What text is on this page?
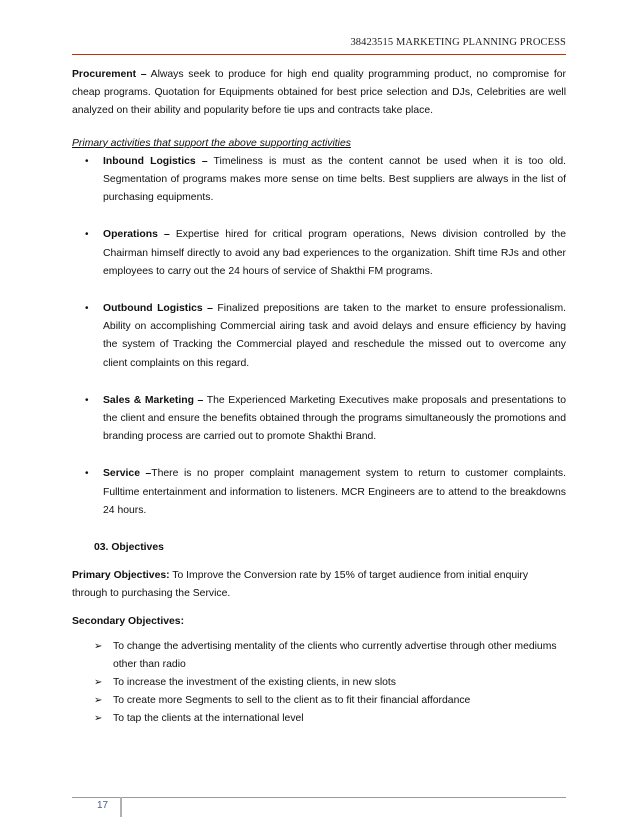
38423515 MARKETING PLANNING PROCESS

Procurement – Always seek to produce for high end quality programming product, no compromise for cheap programs. Quotation for Equipments obtained for best price selection and DJs, Celebrities are well analyzed on their ability and popularity before tie ups and contracts take place.

Primary activities that support the above supporting activities

• Inbound Logistics – Timeliness is must as the content cannot be used when it is too old. Segmentation of programs makes more sense on time belts. Best suppliers are always in the list of purchasing equipments.
• Operations – Expertise hired for critical program operations, News division controlled by the Chairman himself directly to avoid any bad experiences to the organization. Shift time RJs and other employees to carry out the 24 hours of service of Shakthi FM programs.
• Outbound Logistics – Finalized prepositions are taken to the market to ensure professionalism. Ability on accomplishing Commercial airing task and avoid delays and ensure efficiency by having the system of Tracking the Commercial played and reschedule the missed out to overcome any client complaints on this regard.
• Sales & Marketing – The Experienced Marketing Executives make proposals and presentations to the client and ensure the benefits obtained through the programs simultaneously the promotions and branding process are carried out to promote Shakthi Brand.
• Service –There is no proper complaint management system to return to customer complaints. Fulltime entertainment and information to listeners. MCR Engineers are to attend to the breakdowns 24 hours.

03. Objectives

Primary Objectives: To Improve the Conversion rate by 15% of target audience from initial enquiry through to purchasing the Service.

Secondary Objectives:

➢ To change the advertising mentality of the clients who currently advertise through other mediums other than radio
➢ To increase the investment of the existing clients, in new slots
➢ To create more Segments to sell to the client as to fit their financial affordance
➢ To tap the clients at the international level
17
